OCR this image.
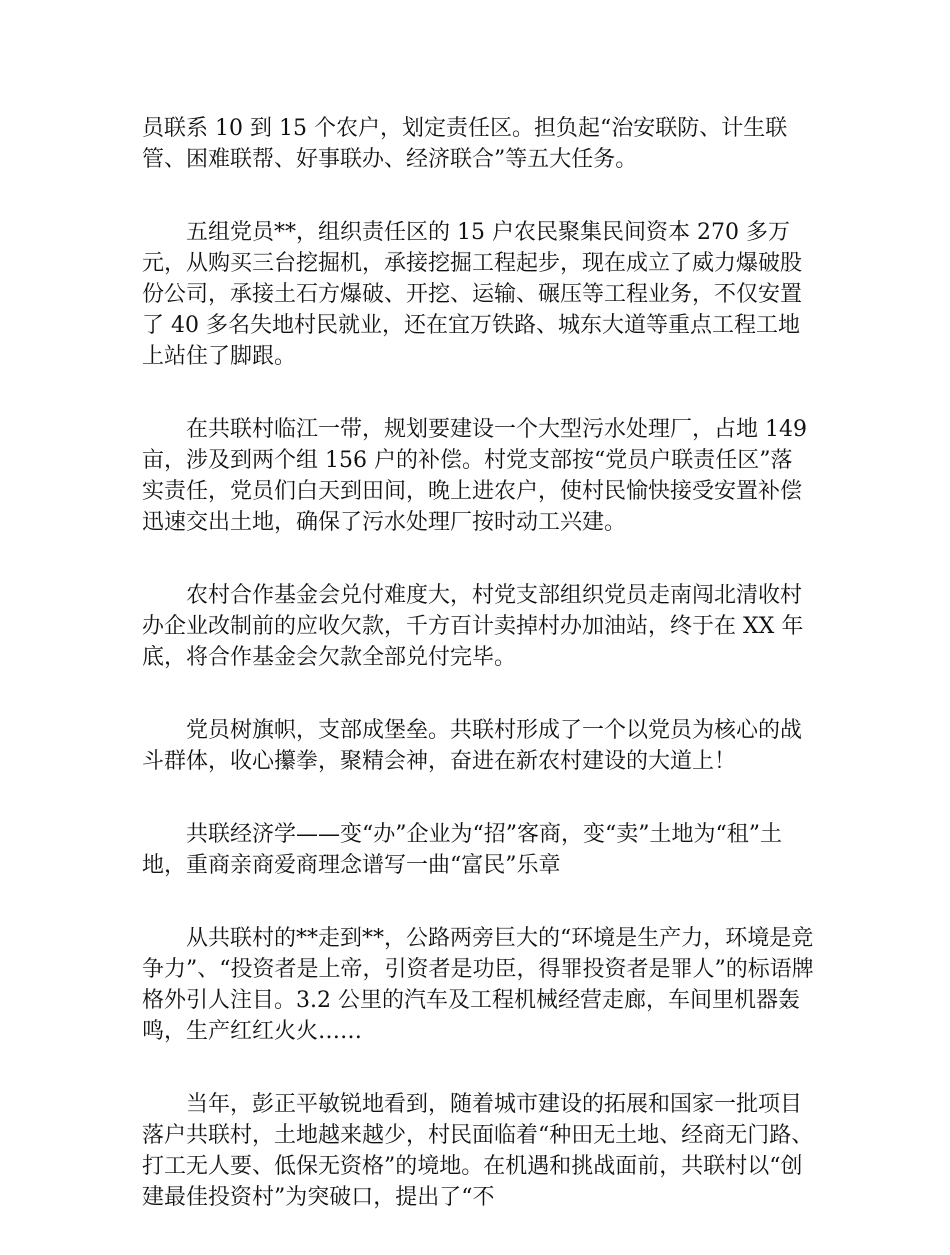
员联系 10 到 15 个农户，划定责任区。担负起“治安联防、计生联管、困难联帮、好事联办、经济联合”等五大任务。

五组党员**，组织责任区的 15 户农民聚集民间资本 270 多万元，从购买三台挖掘机，承接挖掘工程起步，现在成立了威力爆破股份公司，承接土石方爆破、开挖、运输、碾压等工程业务，不仅安置了 40 多名失地村民就业，还在宜万铁路、城东大道等重点工程工地上站住了脚跟。

在共联村临江一带，规划要建设一个大型污水处理厂，占地 149 亩，涉及到两个组 156 户的补偿。村党支部按“党员户联责任区”落实责任，党员们白天到田间，晚上进农户，使村民愉快接受安置补偿迅速交出土地，确保了污水处理厂按时动工兴建。

农村合作基金会兑付难度大，村党支部组织党员走南闯北清收村办企业改制前的应收欠款，千方百计卖掉村办加油站，终于在 XX 年底，将合作基金会欠款全部兑付完毕。

党员树旗帜，支部成堡垒。共联村形成了一个以党员为核心的战斗群体，收心攥拳，聚精会神，奋进在新农村建设的大道上！

共联经济学——变“办”企业为“招”客商，变“卖”土地为“租”土地，重商亲商爱商理念谱写一曲“富民”乐章

从共联村的**走到**，公路两旁巨大的“环境是生产力，环境是竞争力”、“投资者是上帝，引资者是功臣，得罪投资者是罪人”的标语牌格外引人注目。3.2 公里的汽车及工程机械经营走廊，车间里机器轰鸣，生产红红火火……

当年，彭正平敏锐地看到，随着城市建设的拓展和国家一批项目落户共联村，土地越来越少，村民面临着“种田无土地、经商无门路、打工无人要、低保无资格”的境地。在机遇和挑战面前，共联村以“创建最佳投资村”为突破口，提出了“不
